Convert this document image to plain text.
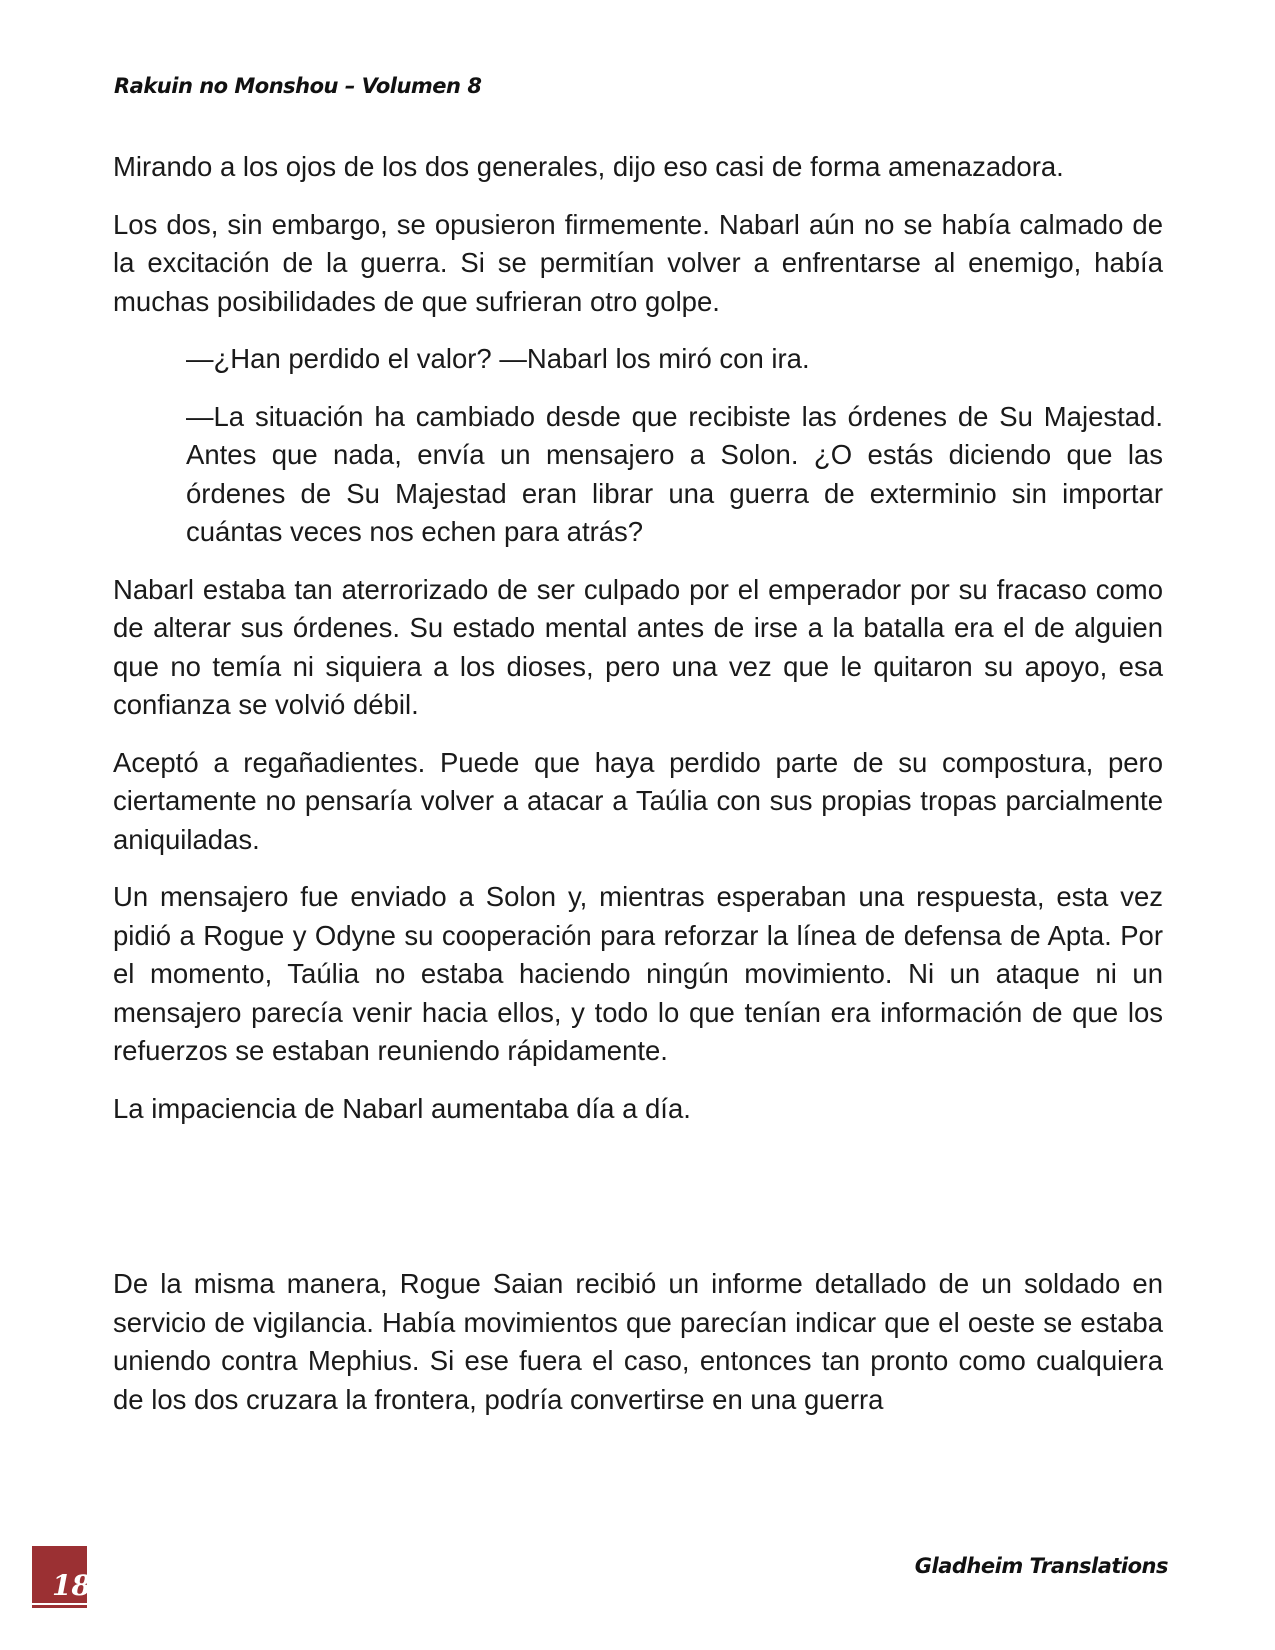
Rakuin no Monshou – Volumen 8

Mirando a los ojos de los dos generales, dijo eso casi de forma amenazadora.

Los dos, sin embargo, se opusieron firmemente. Nabarl aún no se había calmado de la excitación de la guerra. Si se permitían volver a enfrentarse al enemigo, había muchas posibilidades de que sufrieran otro golpe.

—¿Han perdido el valor? —Nabarl los miró con ira.

—La situación ha cambiado desde que recibiste las órdenes de Su Majestad. Antes que nada, envía un mensajero a Solon. ¿O estás diciendo que las órdenes de Su Majestad eran librar una guerra de exterminio sin importar cuántas veces nos echen para atrás?

Nabarl estaba tan aterrorizado de ser culpado por el emperador por su fracaso como de alterar sus órdenes. Su estado mental antes de irse a la batalla era el de alguien que no temía ni siquiera a los dioses, pero una vez que le quitaron su apoyo, esa confianza se volvió débil.

Aceptó a regañadientes. Puede que haya perdido parte de su compostura, pero ciertamente no pensaría volver a atacar a Taúlia con sus propias tropas parcialmente aniquiladas.

Un mensajero fue enviado a Solon y, mientras esperaban una respuesta, esta vez pidió a Rogue y Odyne su cooperación para reforzar la línea de defensa de Apta. Por el momento, Taúlia no estaba haciendo ningún movimiento. Ni un ataque ni un mensajero parecía venir hacia ellos, y todo lo que tenían era información de que los refuerzos se estaban reuniendo rápidamente.

La impaciencia de Nabarl aumentaba día a día.

De la misma manera, Rogue Saian recibió un informe detallado de un soldado en servicio de vigilancia. Había movimientos que parecían indicar que el oeste se estaba uniendo contra Mephius. Si ese fuera el caso, entonces tan pronto como cualquiera de los dos cruzara la frontera, podría convertirse en una guerra

18
Gladheim Translations
